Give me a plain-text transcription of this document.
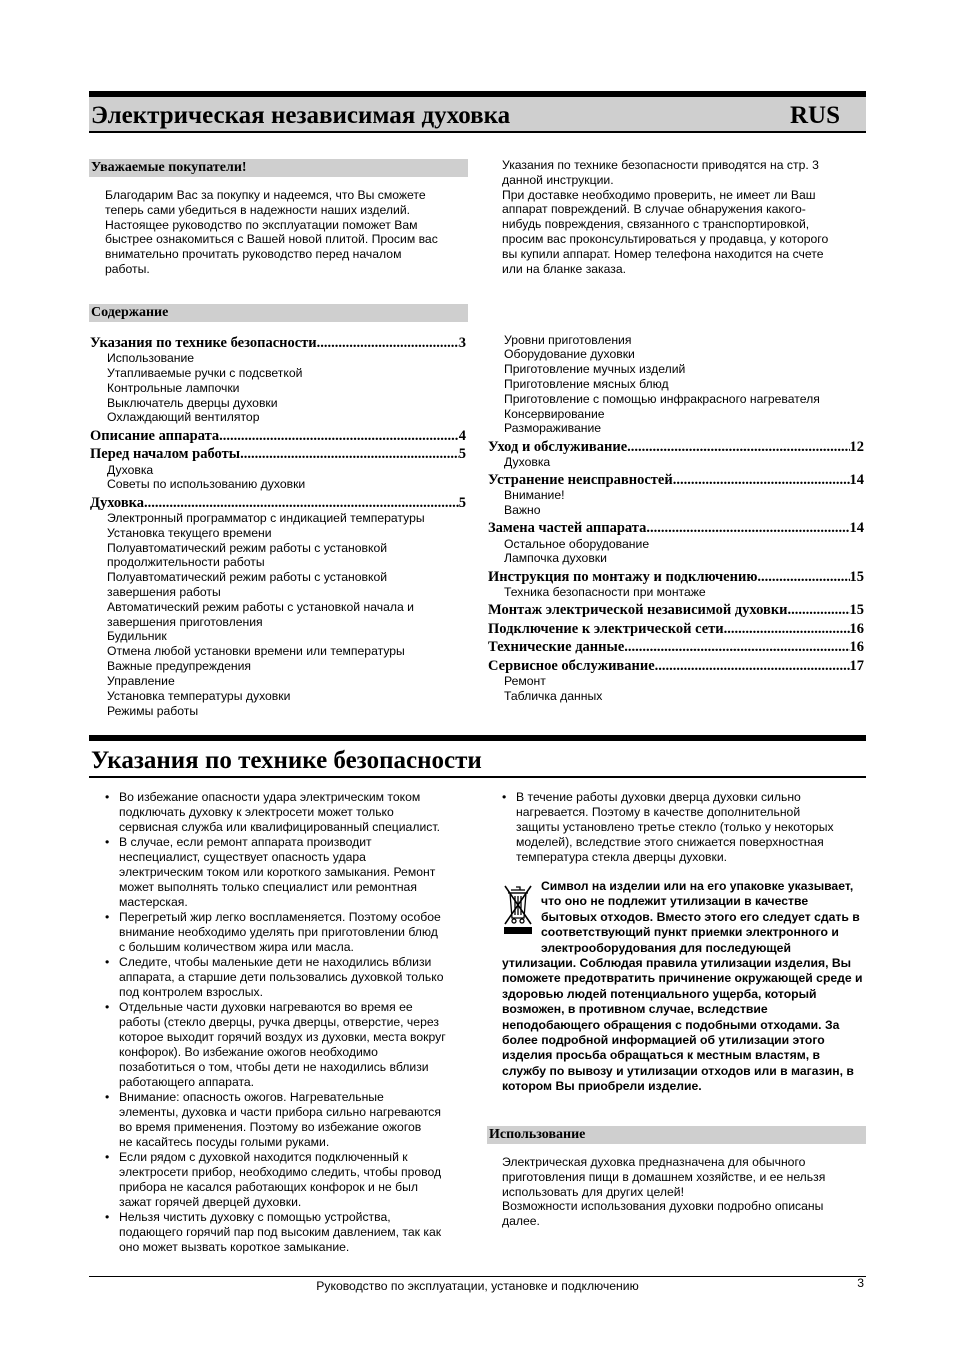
Электрическая независимая духовка	RUS
Уважаемые покупатели!
Благодарим Вас за покупку и надеемся, что Вы сможете
теперь сами убедиться в надежности наших изделий.
Настоящее руководство по эксплуатации поможет Вам
быстрее ознакомиться с Вашей новой плитой. Просим вас
внимательно прочитать руководство перед началом
работы.
Указания по технике безопасности приводятся на стр. 3
данной инструкции.
При доставке необходимо проверить, не имеет ли Ваш
аппарат повреждений. В случае обнаружения какого-
нибудь повреждения, связанного с транспортировкой,
просим вас проконсультироваться у продавца, у которого
вы купили аппарат. Номер телефона находится на счете
или на бланке заказа.
Содержание
Указания по технике безопасности .....	3
Использование
Утапливаемые ручки с подсветкой
Контрольные лампочки
Выключатель дверцы духовки
Охлаждающий вентилятор
Описание аппарата .....	4
Перед началом работы .....	5
Духовка
Советы по использованию духовки
Духовка .....	5
Электронный программатор с индикацией температуры
Установка текущего времени
Полуавтоматический режим работы с установкой
продолжительности работы
Полуавтоматический режим работы с установкой
завершения работы
Автоматический режим работы с установкой начала и
завершения приготовления
Будильник
Отмена любой установки времени или температуры
Важные предупреждения
Управление
Установка температуры духовки
Режимы работы
Уровни приготовления
Оборудование духовки
Приготовление мучных изделий
Приготовление мясных блюд
Приготовление с помощью инфракрасного нагревателя
Консервирование
Размораживание
Уход и обслуживание .....	12
Духовка
Устранение неисправностей .....	14
Внимание!
Важно
Замена частей аппарата .....	14
Остальное оборудование
Лампочка духовки
Инструкция по монтажу и подключению .....	15
Техника безопасности при монтаже
Монтаж электрической независимой духовки .....	15
Подключение к электрической сети .....	16
Технические данные .....	16
Сервисное обслуживание .....	17
Ремонт
Табличка данных
Указания по технике безопасности
• Во избежание опасности удара электрическим током
подключать духовку к электросети может только
сервисная служба или квалифицированный специалист.
• В случае, если ремонт аппарата производит
неспециалист, существует опасность удара
электрическим током или короткого замыкания. Ремонт
может выполнять только специалист или ремонтная
мастерская.
• Перегретый жир легко воспламеняется. Поэтому особое
внимание необходимо уделять при приготовлении блюд
с большим количеством жира или масла.
• Следите, чтобы маленькие дети не находились вблизи
аппарата, а старшие дети пользовались духовкой только
под контролем взрослых.
• Отдельные части духовки нагреваются во время ее
работы (стекло дверцы, ручка дверцы, отверстие, через
которое выходит горячий воздух из духовки, места вокруг
конфорок). Во избежание ожогов необходимо
позаботиться о том, чтобы дети не находились вблизи
работающего аппарата.
• Внимание: опасность ожогов. Нагревательные
элементы, духовка и части прибора сильно нагреваются
во время применения. Поэтому во избежание ожогов
не касайтесь посуды голыми руками.
• Если рядом с духовкой находится подключенный к
электросети прибор, необходимо следить, чтобы провод
прибора не касался работающих конфорок и не был
зажат горячей дверцей духовки.
• Нельзя чистить духовку с помощью устройства,
подающего горячий пар под высоким давлением, так как
оно может вызвать короткое замыкание.
• В течение работы духовки дверца духовки сильно
нагревается. Поэтому в качестве дополнительной
защиты установлено третье стекло (только у некоторых
моделей), вследствие этого снижается поверхностная
температура стекла дверцы духовки.
Символ на изделии или на его упаковке указывает, что оно не подлежит утилизации в качестве бытовых отходов. Вместо этого его следует сдать в соответствующий пункт приемки электронного и электрооборудования для последующей утилизации. Соблюдая правила утилизации изделия, Вы поможете предотвратить причинение окружающей среде и здоровью людей потенциального ущерба, который возможен, в противном случае, вследствие неподобающего обращения с подобными отходами. За более подробной информацией об утилизации этого изделия просьба обращаться к местным властям, в службу по вывозу и утилизации отходов или в магазин, в котором Вы приобрели изделие.
Использование
Электрическая духовка предназначена для обычного
приготовления пищи в домашнем хозяйстве, и ее нельзя
использовать для других целей!
Возможности использования духовки подробно описаны
далее.
Руководство по эксплуатации, установке и подключению	3
